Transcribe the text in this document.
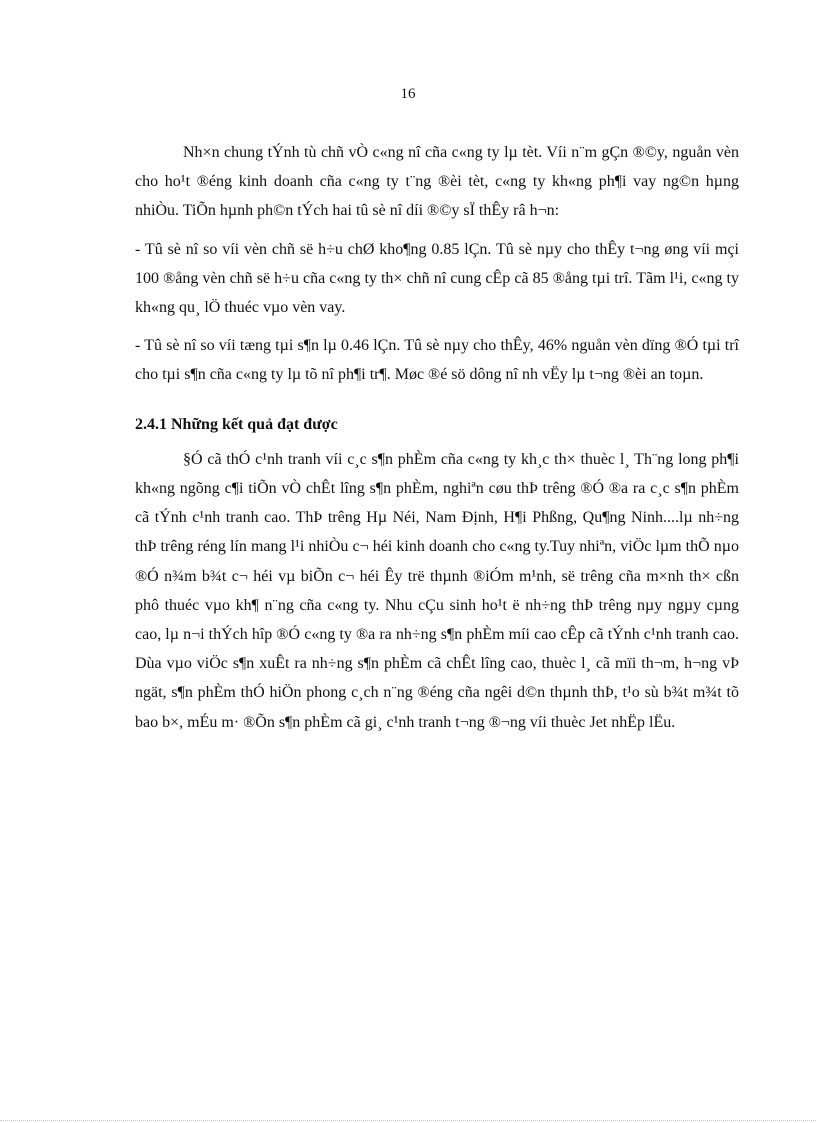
16

Nh×n chung tÝnh tù chñ vÒ c«ng nî cña c«ng ty lµ tèt. Víi n¨m gÇn ®©y, nguån vèn cho ho¹t ®éng kinh doanh cña c«ng ty t¨ng ®èi tèt, c«ng ty kh«ng ph¶i vay ng©n hµng nhiÒu. TiÕn hµnh ph©n tÝch hai tû sè nî díi ®©y sÏ thÊy râ h¬n:

- Tû sè nî so víi vèn chñ së h÷u chØ kho¶ng 0.85 lÇn. Tû sè nµy cho thÊy t¬ng øng víi mçi 100 ®ång vèn chñ së h÷u cña c«ng ty th× chñ nî cung cÊp cã 85 ®ång tµi trî. Tãm l¹i, c«ng ty kh«ng qu¸ lÖ thuéc vµo vèn vay.

- Tû sè nî so víi tæng tµi s¶n lµ 0.46 lÇn. Tû sè nµy cho thÊy, 46% nguån vèn dïng ®Ó tµi trî cho tµi s¶n cña c«ng ty lµ tõ nî ph¶i tr¶. Møc ®é sö dông nî nh vËy lµ t¬ng ®èi an toµn.

2.4.1 Những kết quả đạt được

§Ó cã thÓ c¹nh tranh víi c¸c s¶n phÈm cña c«ng ty kh¸c th× thuèc l¸ Th¨ng long ph¶i kh«ng ngõng c¶i tiÕn vÒ chÊt lîng s¶n phÈm, nghiªn cøu thÞ trêng ®Ó ®a ra c¸c s¶n phÈm cã tÝnh c¹nh tranh cao. ThÞ trêng Hµ Néi, Nam Định, H¶i Phßng, Qu¶ng Ninh....lµ nh÷ng thÞ trêng réng lín mang l¹i nhiÒu c¬ héi kinh doanh cho c«ng ty.Tuy nhiªn, viÖc lµm thÕ nµo ®Ó n¾m b¾t c¬ héi vµ biÕn c¬ héi Êy trë thµnh ®iÓm m¹nh, së trêng cña m×nh th× cßn phô thuéc vµo kh¶ n¨ng cña c«ng ty. Nhu cÇu sinh ho¹t ë nh÷ng thÞ trêng nµy ngµy cµng cao, lµ n¬i thÝch hîp ®Ó c«ng ty ®a ra nh÷ng s¶n phÈm míi cao cÊp cã tÝnh c¹nh tranh cao. Dùa vµo viÖc s¶n xuÊt ra nh÷ng s¶n phÈm cã chÊt lîng cao, thuèc l¸ cã mïi th¬m, h¬ng vÞ ngät, s¶n phÈm thÓ hiÖn phong c¸ch n¨ng ®éng cña ngêi d©n thµnh thÞ, t¹o sù b¾t m¾t tõ bao b×, mÉu m· ®Õn s¶n phÈm cã gi¸ c¹nh tranh t¬ng ®¬ng víi thuèc Jet nhËp lËu.
